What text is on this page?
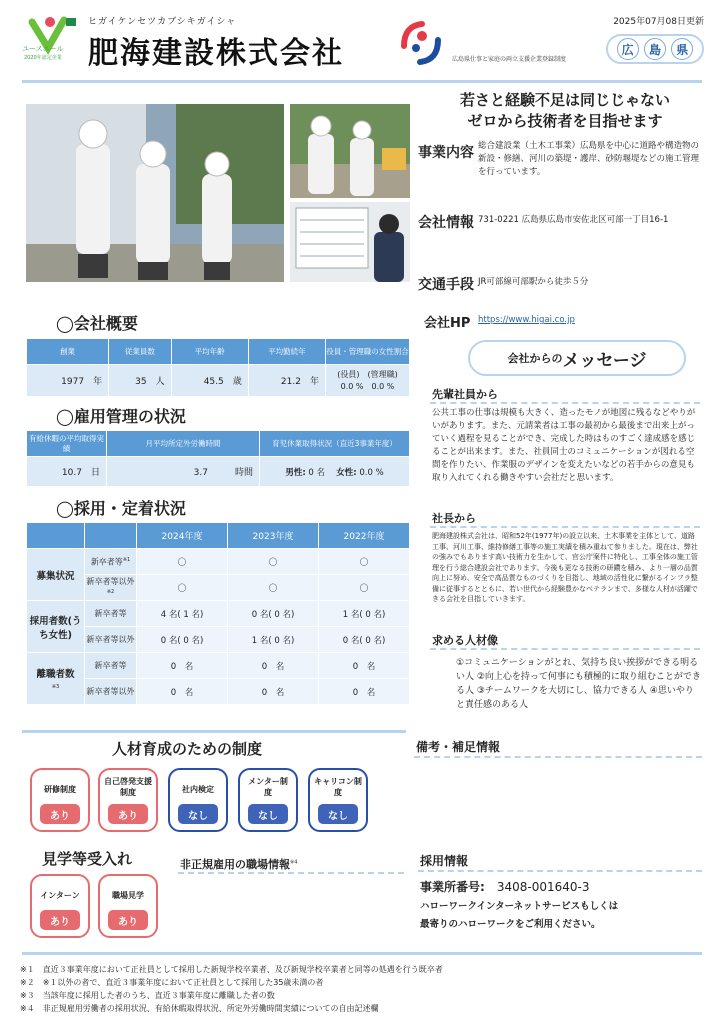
ユースエール
2020年認定企業
ヒガイケンセツカブシキガイシャ
肥海建設株式会社	広島県仕事と家庭の両立支援企業登録制度
2025年07月08日更新
広	島	県
若さと経験不足は同じじゃない
ゼロから技術者を目指せます
事業内容 総合建設業（土木工事業）広島県を中心に道路や構造物の新設・修繕、河川の築堤・護岸、砂防堰堤などの施工管理を行っています。
会社情報 731-0221 広島県広島市安佐北区可部一丁目16-1
交通手段 JR可部線可部駅から徒歩５分
◯会社概要
創業	従業員数	平均年齢	平均勤続年	役員・管理職の女性割合
1977　 年	35　 人	45.5　 歳	21.2　 年	(役員)　 (管理職)
0.0 %　 0.0 %
◯雇用管理の状況
有給休暇の平均取得実績	月平均所定外労働時間	育児休業取得状況（直近3事業年度）
10.7　 日	3.7　　　 時間	男性: 0 名　 女性: 0.0 %
◯採用・定着状況
		2024年度	2023年度	2022年度
募集状況	新卒者等$^{※1}$	〇	〇	〇
	新卒者等以外$^{※2}$	〇	〇	〇
採用者数(うち女性)	新卒者等	4 名( 1 名)	0 名( 0 名)	1 名( 0 名)
	新卒者等以外	0 名( 0 名)	1 名( 0 名)	0 名( 0 名)
離職者数
※3	新卒者等	0　名	0　名	0　名
	新卒者等以外	0　名	0　名	0　名
会社HP https://www.higai.co.jp
会社からの メッセージ
先輩社員から
公共工事の仕事は規模も大きく、造ったモノが地図に残るなどやりがいがあります。また、元請業者は工事の最初から最後まで出来上がっていく過程を見ることができ、完成した時はものすごく達成感を感じることが出来ます。また、社員同士のコミュニケーションが図れる空間を作りたい、作業服のデザインを変えたいなどの若手からの意見も取り入れてくれる働きやすい会社だと思います。
社長から
肥海建設株式会社は、昭和52年(1977年)の設立以来、土木事業を主体として、道路工事、河川工事、維持修繕工事等の施工実績を積み重ねて参りました。現在は、弊社の強みでもあります高い技術力を生かして、官公庁案件に特化し、工事全体の施工管理を行う総合建設会社であります。今後も更なる技術の研鑽を積み、より一層の品質向上に努め、安全で高品質なものづくりを目指し、地域の活性化に繋がるインフラ整備に従事するとともに、若い世代から経験豊かなベテランまで、多様な人材が活躍できる会社を目指していきます。
求める人材像
①コミュニケーションがとれ、気持ち良い挨拶ができる明るい人 ②向上心を持って何事にも積極的に取り組むことができる人 ③チームワークを大切にし、協力できる人 ④思いやりと責任感のある人
人材育成のための制度
研修制度
あり
自己啓発支援制度
あり
社内検定
なし
メンター制度
なし
キャリコン制度
なし
見学等受入れ
インターン
あり
職場見学
あり
非正規雇用の職場情報$^{※4}$
備考・補足情報
採用情報
事業所番号:　 3408-001640-3
ハローワークインターネットサービスもしくは
最寄りのハローワークをご利用ください。
※１　 直近３事業年度において正社員として採用した新規学校卒業者、及び新規学校卒業者と同等の処遇を行う既卒者
※２　 ※１以外の者で、直近３事業年度において正社員として採用した35歳未満の者
※３　 当該年度に採用した者のうち、直近３事業年度に離職した者の数
※４　 非正規雇用労働者の採用状況、有給休暇取得状況、所定外労働時間実績についての自由記述欄
